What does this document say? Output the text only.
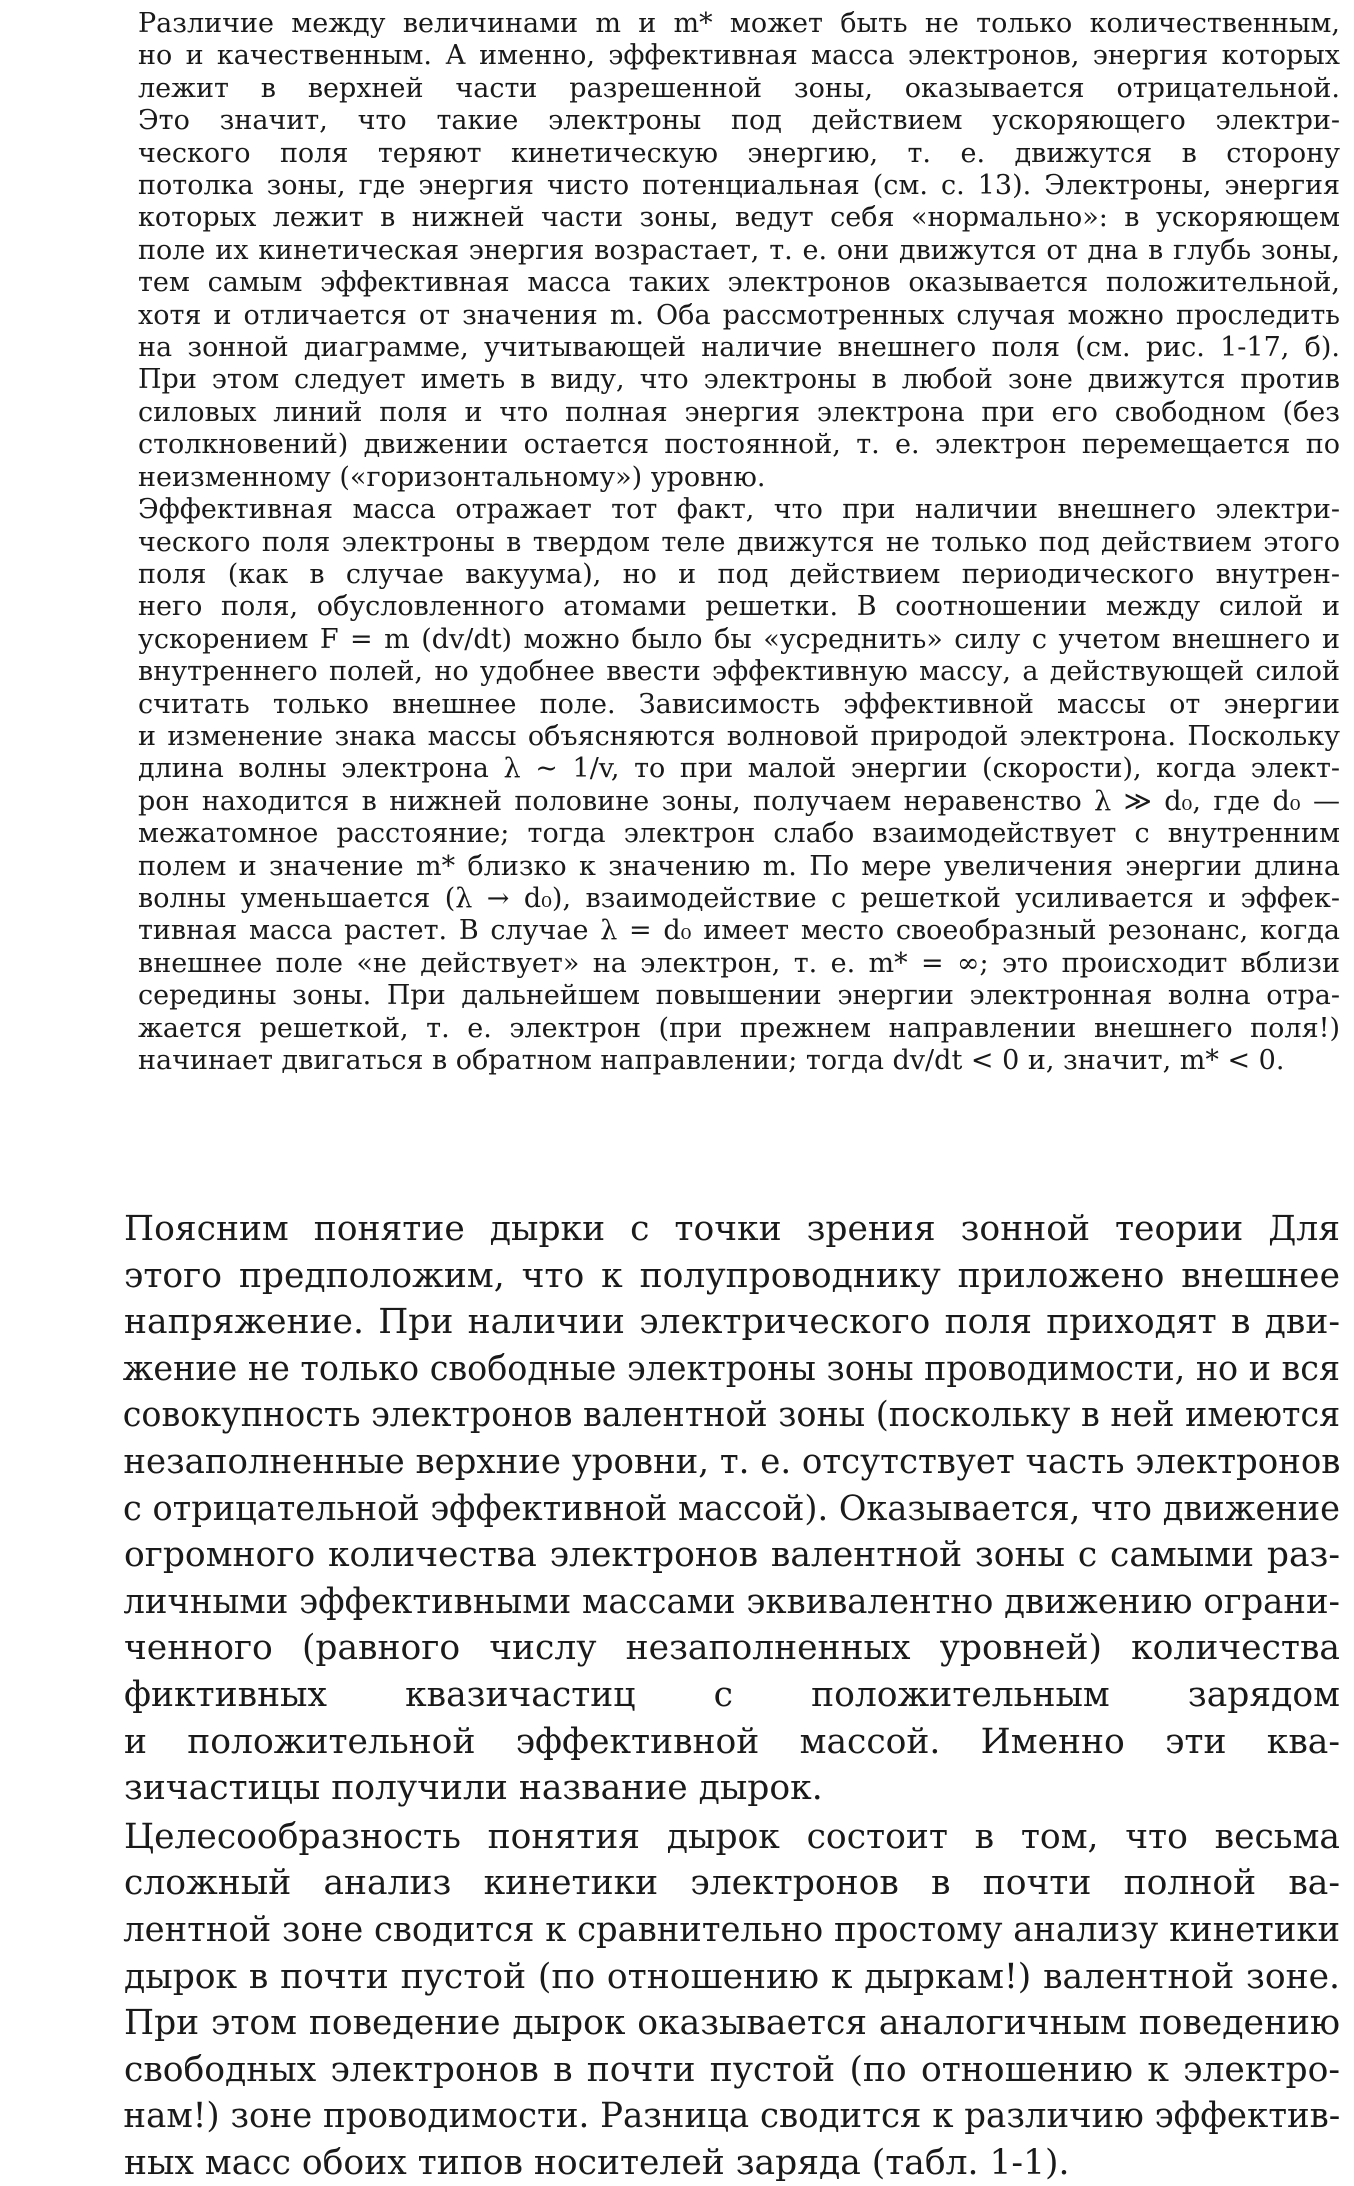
Различие между величинами m и m* может быть не только количественным,
но и качественным. А именно, эффективная масса электронов, энергия которых
лежит в верхней части разрешенной зоны, оказывается отрицательной.
Это значит, что такие электроны под действием ускоряющего электри-
ческого поля теряют кинетическую энергию, т. е. движутся в сторону
потолка зоны, где энергия чисто потенциальная (см. с. 13). Электроны, энергия
которых лежит в нижней части зоны, ведут себя «нормально»: в ускоряющем
поле их кинетическая энергия возрастает, т. е. они движутся от дна в глубь зоны,
тем самым эффективная масса таких электронов оказывается положительной,
хотя и отличается от значения m. Оба рассмотренных случая можно проследить
на зонной диаграмме, учитывающей наличие внешнего поля (см. рис. 1-17, б).
При этом следует иметь в виду, что электроны в любой зоне движутся против
силовых линий поля и что полная энергия электрона при его свободном (без
столкновений) движении остается постоянной, т. е. электрон перемещается по
неизменному («горизонтальному») уровню.

Эффективная масса отражает тот факт, что при наличии внешнего электри-
ческого поля электроны в твердом теле движутся не только под действием этого
поля (как в случае вакуума), но и под действием периодического внутрен-
него поля, обусловленного атомами решетки. В соотношении между силой и
ускорением F = m (dv/dt) можно было бы «усреднить» силу с учетом внешнего и
внутреннего полей, но удобнее ввести эффективную массу, а действующей силой
считать только внешнее поле. Зависимость эффективной массы от энергии
и изменение знака массы объясняются волновой природой электрона. Поскольку
длина волны электрона λ ~ 1/v, то при малой энергии (скорости), когда элект-
рон находится в нижней половине зоны, получаем неравенство λ ≫ d₀, где d₀ —
межатомное расстояние; тогда электрон слабо взаимодействует с внутренним
полем и значение m* близко к значению m. По мере увеличения энергии длина
волны уменьшается (λ → d₀), взаимодействие с решеткой усиливается и эффек-
тивная масса растет. В случае λ = d₀ имеет место своеобразный резонанс, когда
внешнее поле «не действует» на электрон, т. е. m* = ∞; это происходит вблизи
середины зоны. При дальнейшем повышении энергии электронная волна отра-
жается решеткой, т. е. электрон (при прежнем направлении внешнего поля!)
начинает двигаться в обратном направлении; тогда dv/dt < 0 и, значит, m* < 0.

Поясним понятие дырки с точки зрения зонной теории Для
этого предположим, что к полупроводнику приложено внешнее
напряжение. При наличии электрического поля приходят в дви-
жение не только свободные электроны зоны проводимости, но и вся
совокупность электронов валентной зоны (поскольку в ней имеются
незаполненные верхние уровни, т. е. отсутствует часть электронов
с отрицательной эффективной массой). Оказывается, что движение
огромного количества электронов валентной зоны с самыми раз-
личными эффективными массами эквивалентно движению ограни-
ченного (равного числу незаполненных уровней) количества
фиктивных квазичастиц с положительным зарядом
и положительной эффективной массой. Именно эти ква-
зичастицы получили название дырок.

Целесообразность понятия дырок состоит в том, что весьма
сложный анализ кинетики электронов в почти полной ва-
лентной зоне сводится к сравнительно простому анализу кинетики
дырок в почти пустой (по отношению к дыркам!) валентной зоне.
При этом поведение дырок оказывается аналогичным поведению
свободных электронов в почти пустой (по отношению к электро-
нам!) зоне проводимости. Разница сводится к различию эффектив-
ных масс обоих типов носителей заряда (табл. 1-1).
